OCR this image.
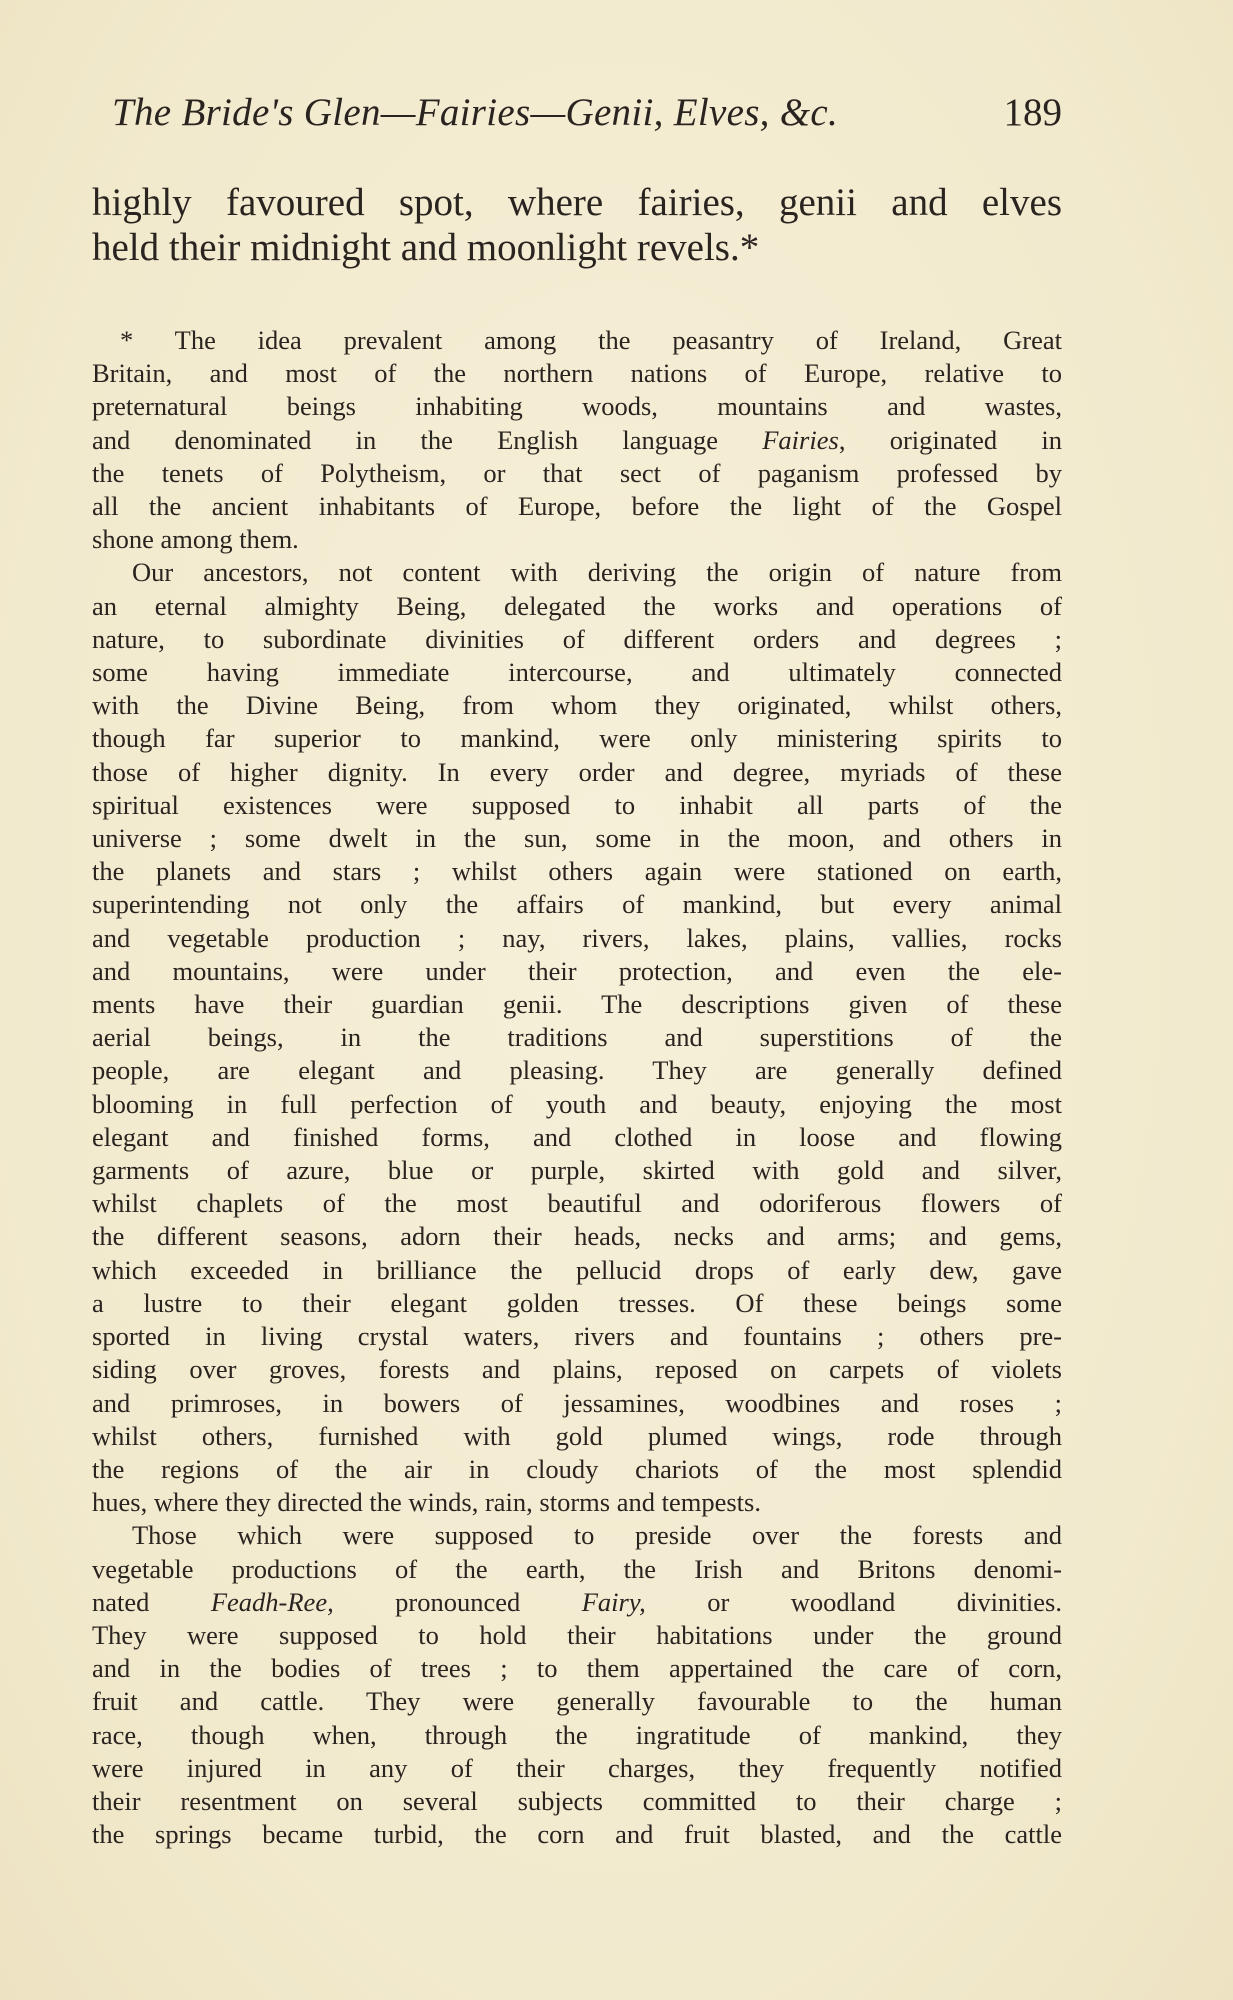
The Bride's Glen—Fairies—Genii, Elves, &c.	189
highly favoured spot, where fairies, genii and elves
held their midnight and moonlight revels.*

* The idea prevalent among the peasantry of Ireland, Great
Britain, and most of the northern nations of Europe, relative to
preternatural beings inhabiting woods, mountains and wastes,
and denominated in the English language Fairies, originated in
the tenets of Polytheism, or that sect of paganism professed by
all the ancient inhabitants of Europe, before the light of the Gospel
shone among them.

Our ancestors, not content with deriving the origin of nature from
an eternal almighty Being, delegated the works and operations of
nature, to subordinate divinities of different orders and degrees ;
some having immediate intercourse, and ultimately connected
with the Divine Being, from whom they originated, whilst others,
though far superior to mankind, were only ministering spirits to
those of higher dignity. In every order and degree, myriads of these
spiritual existences were supposed to inhabit all parts of the
universe ; some dwelt in the sun, some in the moon, and others in
the planets and stars ; whilst others again were stationed on earth,
superintending not only the affairs of mankind, but every animal
and vegetable production ; nay, rivers, lakes, plains, vallies, rocks
and mountains, were under their protection, and even the ele-
ments have their guardian genii. The descriptions given of these
aerial beings, in the traditions and superstitions of the
people, are elegant and pleasing. They are generally defined
blooming in full perfection of youth and beauty, enjoying the most
elegant and finished forms, and clothed in loose and flowing
garments of azure, blue or purple, skirted with gold and silver,
whilst chaplets of the most beautiful and odoriferous flowers of
the different seasons, adorn their heads, necks and arms; and gems,
which exceeded in brilliance the pellucid drops of early dew, gave
a lustre to their elegant golden tresses. Of these beings some
sported in living crystal waters, rivers and fountains ; others pre-
siding over groves, forests and plains, reposed on carpets of violets
and primroses, in bowers of jessamines, woodbines and roses ;
whilst others, furnished with gold plumed wings, rode through
the regions of the air in cloudy chariots of the most splendid
hues, where they directed the winds, rain, storms and tempests.

Those which were supposed to preside over the forests and
vegetable productions of the earth, the Irish and Britons denomi-
nated Feadh-Ree, pronounced Fairy, or woodland divinities.
They were supposed to hold their habitations under the ground
and in the bodies of trees ; to them appertained the care of corn,
fruit and cattle. They were generally favourable to the human
race, though when, through the ingratitude of mankind, they
were injured in any of their charges, they frequently notified
their resentment on several subjects committed to their charge ;
the springs became turbid, the corn and fruit blasted, and the cattle
